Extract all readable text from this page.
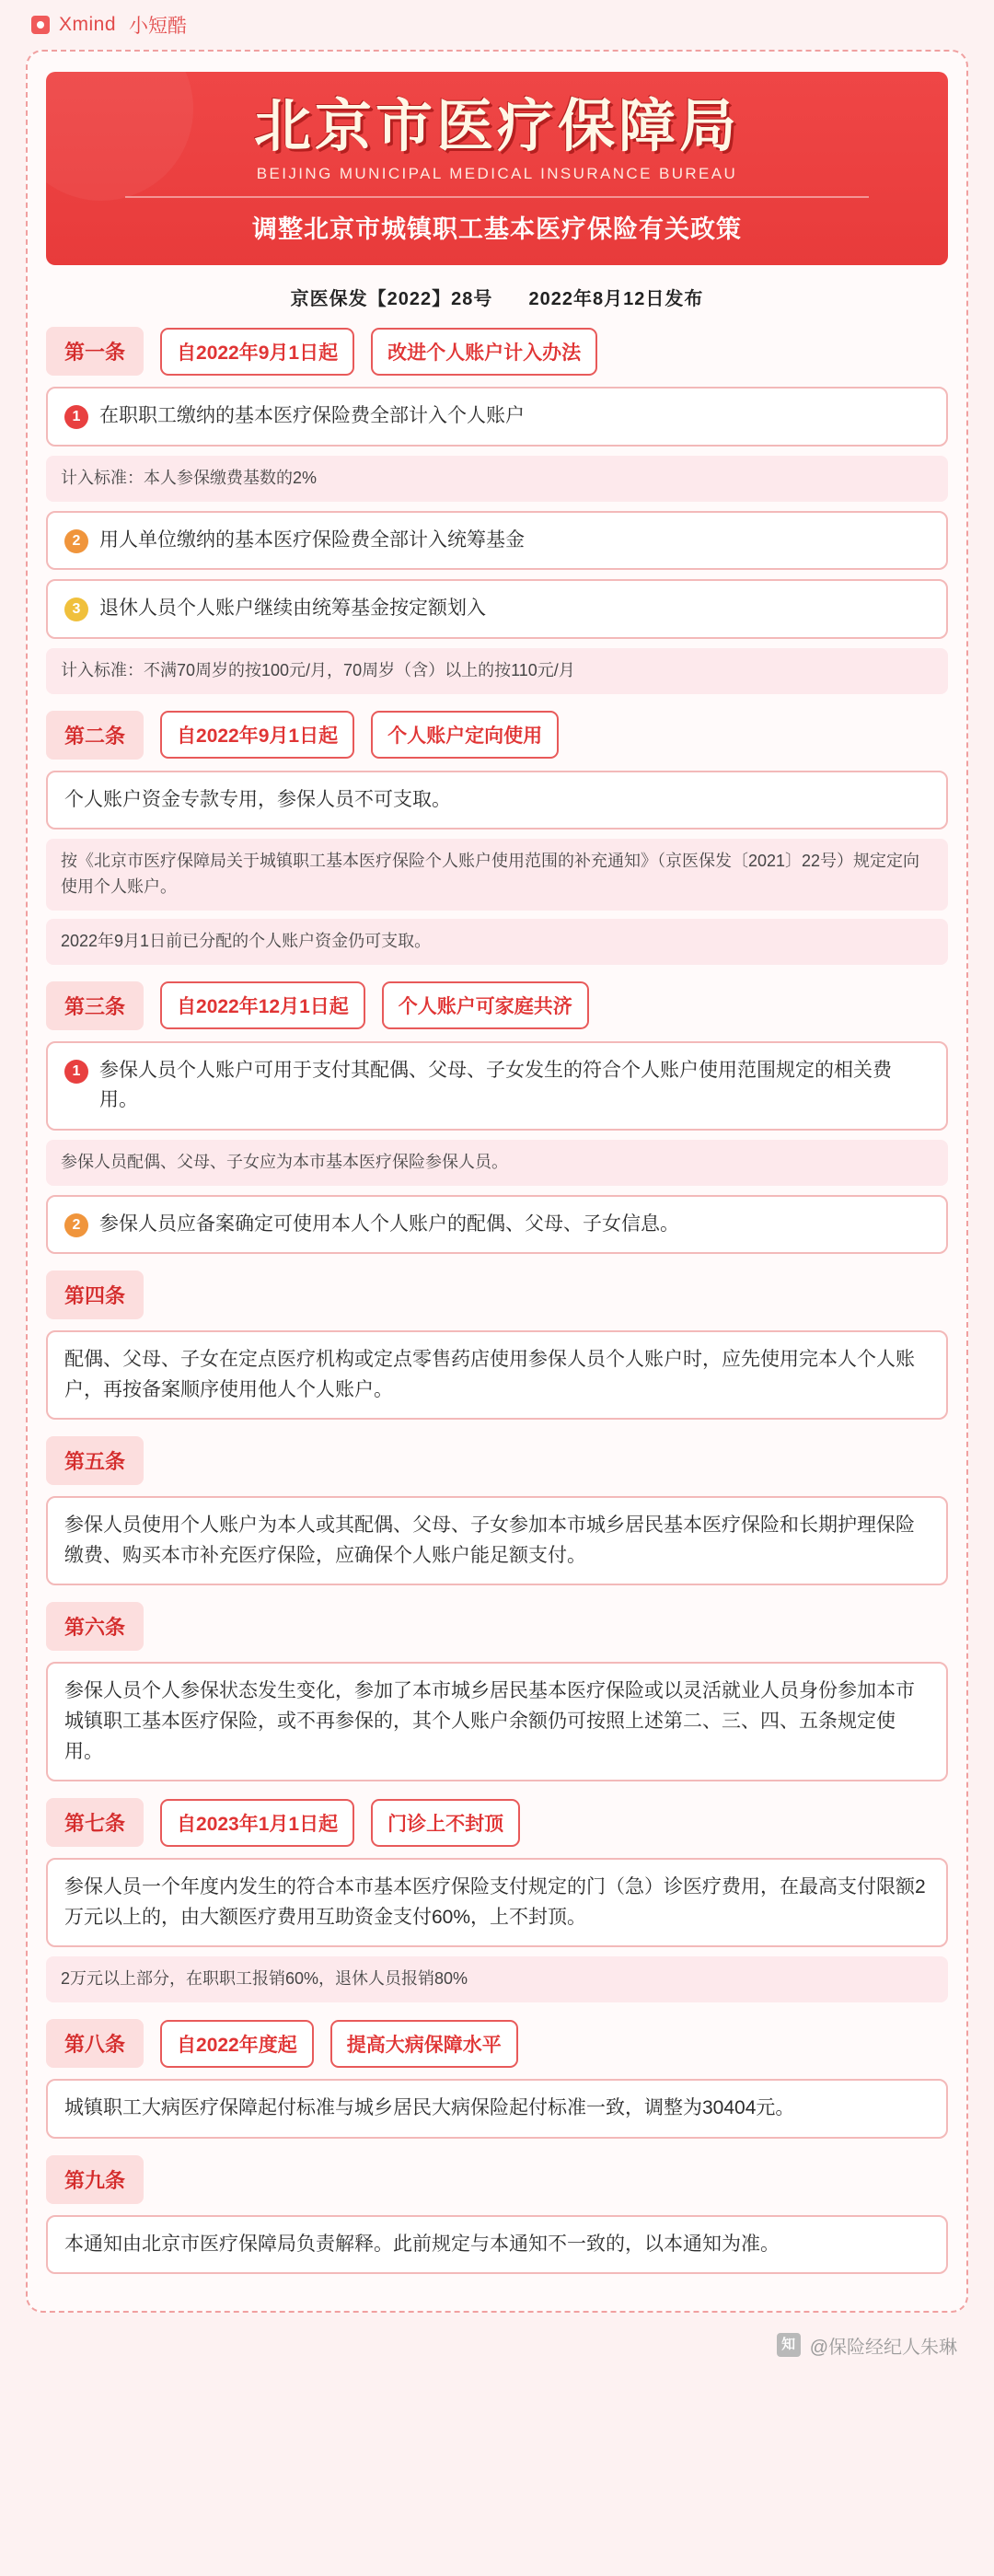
Xmind 小短酷
北京市医疗保障局
BEIJING MUNICIPAL MEDICAL INSURANCE BUREAU
调整北京市城镇职工基本医疗保险有关政策
京医保发【2022】28号 2022年8月12日发布
第一条	自2022年9月1日起	改进个人账户计入办法
1 在职职工缴纳的基本医疗保险费全部计入个人账户
计入标准：本人参保缴费基数的2%
2 用人单位缴纳的基本医疗保险费全部计入统筹基金
3 退休人员个人账户继续由统筹基金按定额划入
计入标准：不满70周岁的按100元/月，70周岁（含）以上的按110元/月
第二条	自2022年9月1日起	个人账户定向使用
个人账户资金专款专用，参保人员不可支取。
按《北京市医疗保障局关于城镇职工基本医疗保险个人账户使用范围的补充通知》（京医保发〔2021〕22号）规定定向使用个人账户。
2022年9月1日前已分配的个人账户资金仍可支取。
第三条	自2022年12月1日起	个人账户可家庭共济
1 参保人员个人账户可用于支付其配偶、父母、子女发生的符合个人账户使用范围规定的相关费用。
参保人员配偶、父母、子女应为本市基本医疗保险参保人员。
2 参保人员应备案确定可使用本人个人账户的配偶、父母、子女信息。
第四条
配偶、父母、子女在定点医疗机构或定点零售药店使用参保人员个人账户时，应先使用完本人个人账户，再按备案顺序使用他人个人账户。
第五条
参保人员使用个人账户为本人或其配偶、父母、子女参加本市城乡居民基本医疗保险和长期护理保险缴费、购买本市补充医疗保险，应确保个人账户能足额支付。
第六条
参保人员个人参保状态发生变化，参加了本市城乡居民基本医疗保险或以灵活就业人员身份参加本市城镇职工基本医疗保险，或不再参保的，其个人账户余额仍可按照上述第二、三、四、五条规定使用。
第七条	自2023年1月1日起	门诊上不封顶
参保人员一个年度内发生的符合本市基本医疗保险支付规定的门（急）诊医疗费用，在最高支付限额2万元以上的，由大额医疗费用互助资金支付60%，上不封顶。
2万元以上部分，在职职工报销60%，退休人员报销80%
第八条	自2022年度起	提高大病保障水平
城镇职工大病医疗保障起付标准与城乡居民大病保险起付标准一致，调整为30404元。
第九条
本通知由北京市医疗保障局负责解释。此前规定与本通知不一致的，以本通知为准。
知 @保险经纪人朱琳
